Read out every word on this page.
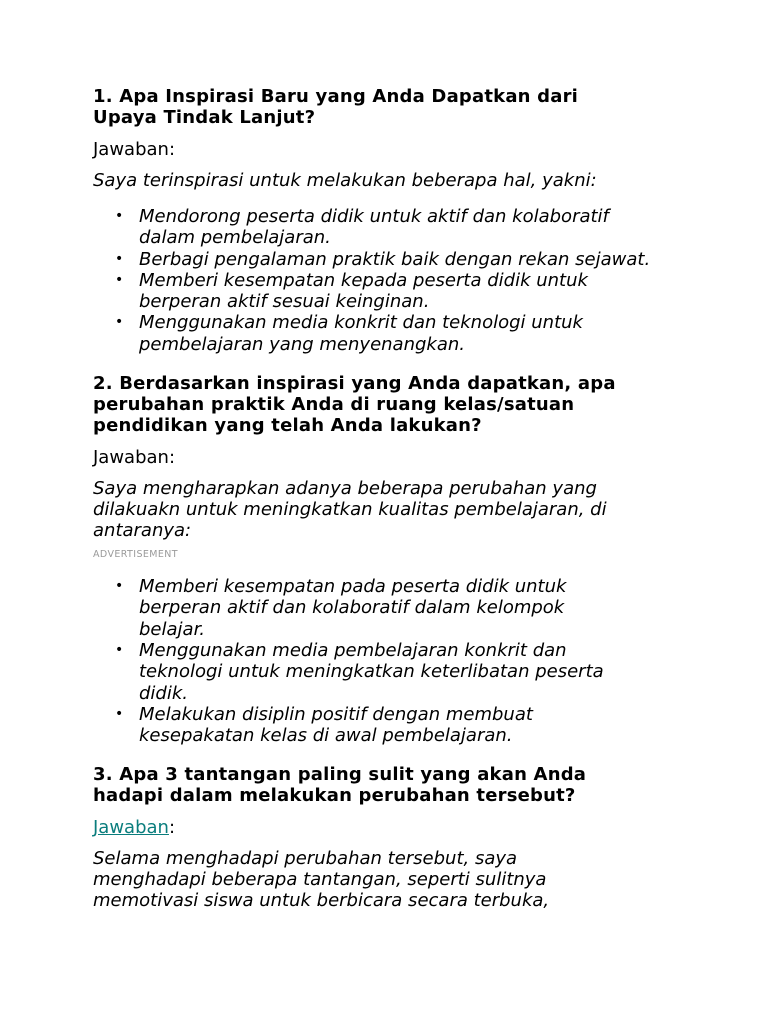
1. Apa Inspirasi Baru yang Anda Dapatkan dari Upaya Tindak Lanjut?

Jawaban:

Saya terinspirasi untuk melakukan beberapa hal, yakni:

• Mendorong peserta didik untuk aktif dan kolaboratif dalam pembelajaran.
• Berbagi pengalaman praktik baik dengan rekan sejawat.
• Memberi kesempatan kepada peserta didik untuk berperan aktif sesuai keinginan.
• Menggunakan media konkrit dan teknologi untuk pembelajaran yang menyenangkan.
2. Berdasarkan inspirasi yang Anda dapatkan, apa perubahan praktik Anda di ruang kelas/satuan pendidikan yang telah Anda lakukan?

Jawaban:

Saya mengharapkan adanya beberapa perubahan yang dilakuakn untuk meningkatkan kualitas pembelajaran, di antaranya:

ADVERTISEMENT

• Memberi kesempatan pada peserta didik untuk berperan aktif dan kolaboratif dalam kelompok belajar.
• Menggunakan media pembelajaran konkrit dan teknologi untuk meningkatkan keterlibatan peserta didik.
• Melakukan disiplin positif dengan membuat kesepakatan kelas di awal pembelajaran.
3. Apa 3 tantangan paling sulit yang akan Anda hadapi dalam melakukan perubahan tersebut?

Jawaban:

Selama menghadapi perubahan tersebut, saya menghadapi beberapa tantangan, seperti sulitnya memotivasi siswa untuk berbicara secara terbuka,
